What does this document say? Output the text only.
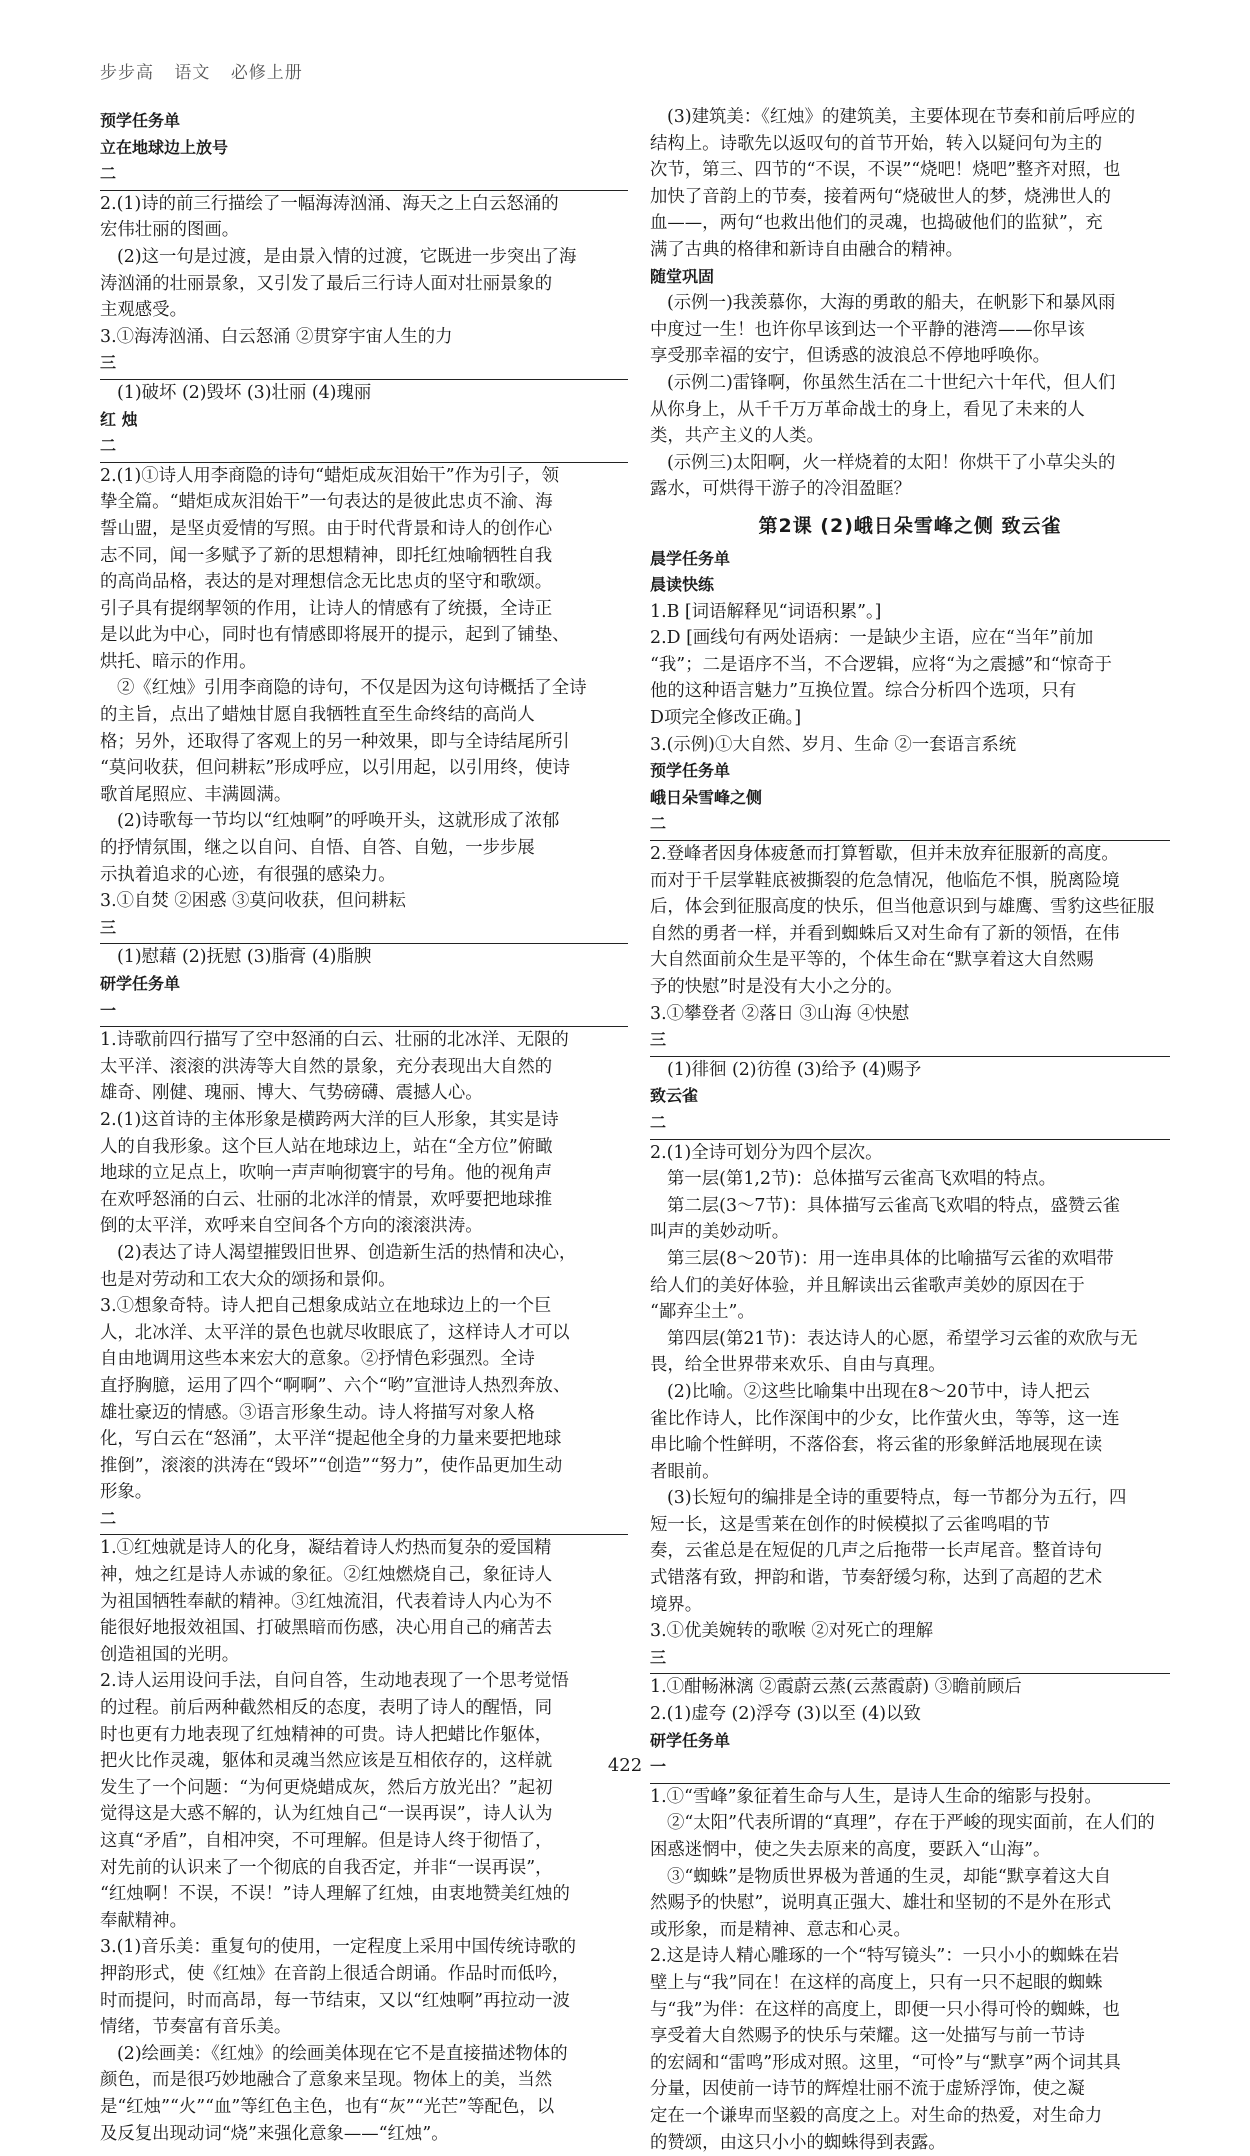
步步高 语文 必修上册
预学任务单
立在地球边上放号
二
2.(1)诗的前三行描绘了一幅海涛汹涌、海天之上白云怒涌的
宏伟壮丽的图画。
(2)这一句是过渡，是由景入情的过渡，它既进一步突出了海
涛汹涌的壮丽景象，又引发了最后三行诗人面对壮丽景象的
主观感受。
3.①海涛汹涌、白云怒涌 ②贯穿宇宙人生的力
三
(1)破坏 (2)毁坏 (3)壮丽 (4)瑰丽
红 烛
二
2.(1)①诗人用李商隐的诗句“蜡炬成灰泪始干”作为引子，领
挚全篇。“蜡炬成灰泪始干”一句表达的是彼此忠贞不渝、海
誓山盟，是坚贞爱情的写照。由于时代背景和诗人的创作心
志不同，闻一多赋予了新的思想精神，即托红烛喻牺牲自我
的高尚品格，表达的是对理想信念无比忠贞的坚守和歌颂。
引子具有提纲挈领的作用，让诗人的情感有了统摄，全诗正
是以此为中心，同时也有情感即将展开的提示，起到了铺垫、
烘托、暗示的作用。
②《红烛》引用李商隐的诗句，不仅是因为这句诗概括了全诗
的主旨，点出了蜡烛甘愿自我牺牲直至生命终结的高尚人
格；另外，还取得了客观上的另一种效果，即与全诗结尾所引
“莫问收获，但问耕耘”形成呼应，以引用起，以引用终，使诗
歌首尾照应、丰满圆满。
(2)诗歌每一节均以“红烛啊”的呼唤开头，这就形成了浓郁
的抒情氛围，继之以自问、自悟、自答、自勉，一步步展
示执着追求的心迹，有很强的感染力。
3.①自焚 ②困惑 ③莫问收获，但问耕耘
三
(1)慰藉 (2)抚慰 (3)脂膏 (4)脂腴
研学任务单
一
1.诗歌前四行描写了空中怒涌的白云、壮丽的北冰洋、无限的
太平洋、滚滚的洪涛等大自然的景象，充分表现出大自然的
雄奇、刚健、瑰丽、博大、气势磅礴、震撼人心。
2.(1)这首诗的主体形象是横跨两大洋的巨人形象，其实是诗
人的自我形象。这个巨人站在地球边上，站在“全方位”俯瞰
地球的立足点上，吹响一声声响彻寰宇的号角。他的视角声
在欢呼怒涌的白云、壮丽的北冰洋的情景，欢呼要把地球推
倒的太平洋，欢呼来自空间各个方向的滚滚洪涛。
(2)表达了诗人渴望摧毁旧世界、创造新生活的热情和决心，
也是对劳动和工农大众的颂扬和景仰。
3.①想象奇特。诗人把自己想象成站立在地球边上的一个巨
人，北冰洋、太平洋的景色也就尽收眼底了，这样诗人才可以
自由地调用这些本来宏大的意象。②抒情色彩强烈。全诗
直抒胸臆，运用了四个“啊啊”、六个“哟”宣泄诗人热烈奔放、
雄壮豪迈的情感。③语言形象生动。诗人将描写对象人格
化，写白云在“怒涌”，太平洋“提起他全身的力量来要把地球
推倒”，滚滚的洪涛在“毁坏”“创造”“努力”，使作品更加生动
形象。
二
1.①红烛就是诗人的化身，凝结着诗人灼热而复杂的爱国精
神，烛之红是诗人赤诚的象征。②红烛燃烧自己，象征诗人
为祖国牺牲奉献的精神。③红烛流泪，代表着诗人内心为不
能很好地报效祖国、打破黑暗而伤感，决心用自己的痛苦去
创造祖国的光明。
2.诗人运用设问手法，自问自答，生动地表现了一个思考觉悟
的过程。前后两种截然相反的态度，表明了诗人的醒悟，同
时也更有力地表现了红烛精神的可贵。诗人把蜡比作躯体，
把火比作灵魂，躯体和灵魂当然应该是互相依存的，这样就
发生了一个问题：“为何更烧蜡成灰，然后方放光出？”起初
觉得这是大惑不解的，认为红烛自己“一误再误”，诗人认为
这真“矛盾”，自相冲突，不可理解。但是诗人终于彻悟了，
对先前的认识来了一个彻底的自我否定，并非“一误再误”，
“红烛啊！不误，不误！”诗人理解了红烛，由衷地赞美红烛的
奉献精神。
3.(1)音乐美：重复句的使用，一定程度上采用中国传统诗歌的
押韵形式，使《红烛》在音韵上很适合朗诵。作品时而低吟，
时而提问，时而高昂，每一节结束，又以“红烛啊”再拉动一波
情绪，节奏富有音乐美。
(2)绘画美：《红烛》的绘画美体现在它不是直接描述物体的
颜色，而是很巧妙地融合了意象来呈现。物体上的美，当然
是“红烛”“火”“血”等红色主色，也有“灰”“光芒”等配色，以
及反复出现动词“烧”来强化意象——“红烛”。
(3)建筑美：《红烛》的建筑美，主要体现在节奏和前后呼应的
结构上。诗歌先以返叹句的首节开始，转入以疑问句为主的
次节，第三、四节的“不误，不误”“烧吧！烧吧”整齐对照，也
加快了音韵上的节奏，接着两句“烧破世人的梦，烧沸世人的
血——，两句“也救出他们的灵魂，也捣破他们的监狱”，充
满了古典的格律和新诗自由融合的精神。
随堂巩固
(示例一)我羡慕你，大海的勇敢的船夫，在帆影下和暴风雨
中度过一生！也许你早该到达一个平静的港湾——你早该
享受那幸福的安宁，但诱惑的波浪总不停地呼唤你。
(示例二)雷锋啊，你虽然生活在二十世纪六十年代，但人们
从你身上，从千千万万革命战士的身上，看见了未来的人
类，共产主义的人类。
(示例三)太阳啊，火一样烧着的太阳！你烘干了小草尖头的
露水，可烘得干游子的冷泪盈眶？
第2课 (2)峨日朵雪峰之侧 致云雀
晨学任务单
晨读快练
1.B [词语解释见“词语积累”。]
2.D [画线句有两处语病：一是缺少主语，应在“当年”前加
“我”；二是语序不当，不合逻辑，应将“为之震撼”和“惊奇于
他的这种语言魅力”互换位置。综合分析四个选项，只有
D项完全修改正确。]
3.(示例)①大自然、岁月、生命 ②一套语言系统
预学任务单
峨日朵雪峰之侧
二
2.登峰者因身体疲惫而打算暂歇，但并未放弃征服新的高度。
而对于千层掌鞋底被撕裂的危急情况，他临危不惧，脱离险境
后，体会到征服高度的快乐，但当他意识到与雄鹰、雪豹这些征服
自然的勇者一样，并看到蜘蛛后又对生命有了新的领悟，在伟
大自然面前众生是平等的，个体生命在“默享着这大自然赐
予的快慰”时是没有大小之分的。
3.①攀登者 ②落日 ③山海 ④快慰
三
(1)徘徊 (2)彷徨 (3)给予 (4)赐予
致云雀
二
2.(1)全诗可划分为四个层次。
第一层(第1,2节)：总体描写云雀高飞欢唱的特点。
第二层(3～7节)：具体描写云雀高飞欢唱的特点，盛赞云雀
叫声的美妙动听。
第三层(8～20节)：用一连串具体的比喻描写云雀的欢唱带
给人们的美好体验，并且解读出云雀歌声美妙的原因在于
“鄙弃尘土”。
第四层(第21节)：表达诗人的心愿，希望学习云雀的欢欣与无
畏，给全世界带来欢乐、自由与真理。
(2)比喻。②这些比喻集中出现在8～20节中，诗人把云
雀比作诗人，比作深闺中的少女，比作萤火虫，等等，这一连
串比喻个性鲜明，不落俗套，将云雀的形象鲜活地展现在读
者眼前。
(3)长短句的编排是全诗的重要特点，每一节都分为五行，四
短一长，这是雪莱在创作的时候模拟了云雀鸣唱的节
奏，云雀总是在短促的几声之后拖带一长声尾音。整首诗句
式错落有致，押韵和谐，节奏舒缓匀称，达到了高超的艺术
境界。
3.①优美婉转的歌喉 ②对死亡的理解
三
1.①酣畅淋漓 ②霞蔚云蒸(云蒸霞蔚) ③瞻前顾后
2.(1)虚夸 (2)浮夸 (3)以至 (4)以致
研学任务单
一
1.①“雪峰”象征着生命与人生，是诗人生命的缩影与投射。
②“太阳”代表所谓的“真理”，存在于严峻的现实面前，在人们的
困惑迷惘中，使之失去原来的高度，要跃入“山海”。
③“蜘蛛”是物质世界极为普通的生灵，却能“默享着这大自
然赐予的快慰”，说明真正强大、雄壮和坚韧的不是外在形式
或形象，而是精神、意志和心灵。
2.这是诗人精心雕琢的一个“特写镜头”：一只小小的蜘蛛在岩
壁上与“我”同在！在这样的高度上，只有一只不起眼的蜘蛛
与“我”为伴：在这样的高度上，即便一只小得可怜的蜘蛛，也
享受着大自然赐予的快乐与荣耀。这一处描写与前一节诗
的宏阔和“雷鸣”形成对照。这里，“可怜”与“默享”两个词其具
分量，因使前一诗节的辉煌壮丽不流于虚矫浮饰，使之凝
定在一个谦卑而坚毅的高度之上。对生命的热爱，对生命力
的赞颂，由这只小小的蜘蛛得到表露。
422
